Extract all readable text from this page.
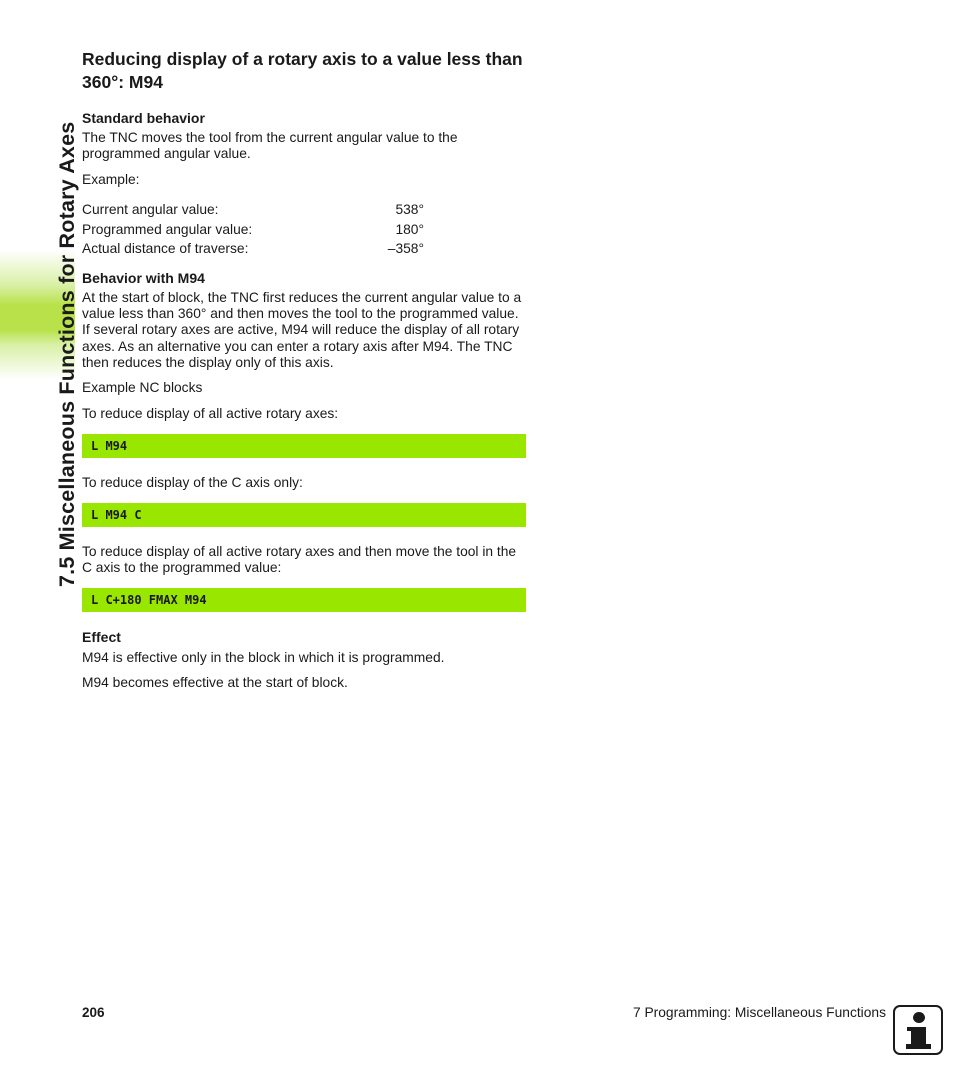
7.5 Miscellaneous Functions for Rotary Axes
Reducing display of a rotary axis to a value less than 360°: M94
Standard behavior
The TNC moves the tool from the current angular value to the programmed angular value.
Example:
Current angular value:	538°
Programmed angular value:	180°
Actual distance of traverse:	–358°
Behavior with M94
At the start of block, the TNC first reduces the current angular value to a value less than 360° and then moves the tool to the programmed value. If several rotary axes are active, M94 will reduce the display of all rotary axes. As an alternative you can enter a rotary axis after M94. The TNC then reduces the display only of this axis.
Example NC blocks
To reduce display of all active rotary axes:
L M94
To reduce display of the C axis only:
L M94 C
To reduce display of all active rotary axes and then move the tool in the C axis to the programmed value:
L C+180 FMAX M94
Effect
M94 is effective only in the block in which it is programmed.
M94 becomes effective at the start of block.
206	7 Programming: Miscellaneous Functions
